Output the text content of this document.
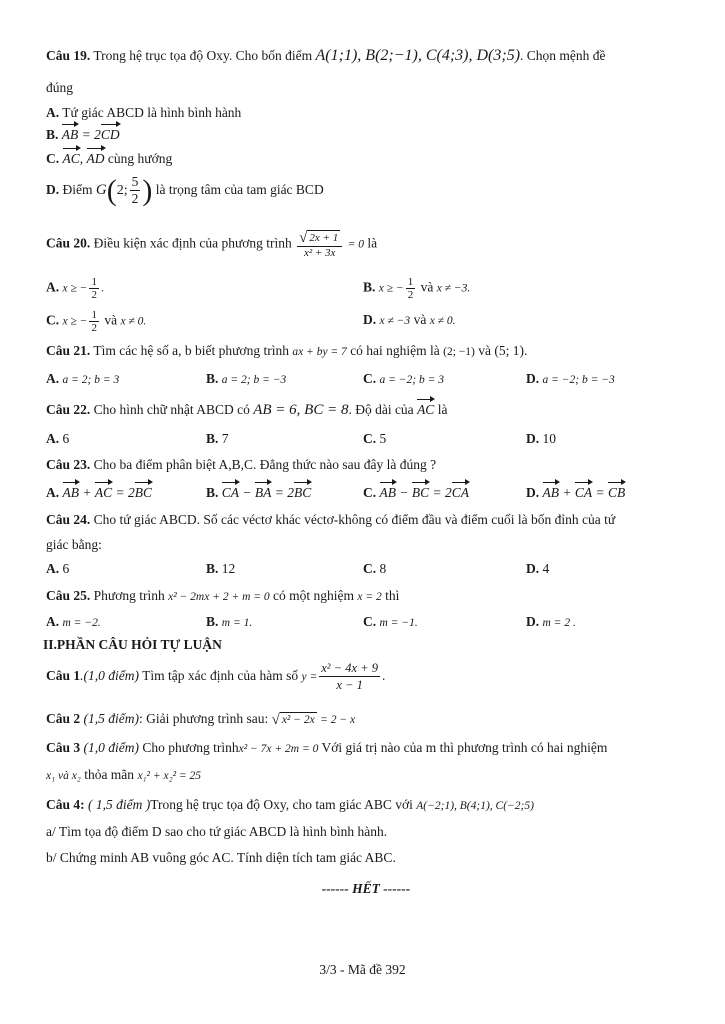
Câu 19. Trong hệ trục tọa độ Oxy. Cho bốn điểm A(1;1), B(2;−1), C(4;3), D(3;5). Chọn mệnh đề
đúng
A. Tứ giác ABCD là hình bình hành
B. AB = 2CD
C. AC, AD cùng hướng
D. Điểm G(2; $\frac{5}{2}$ ) là trọng tâm của tam giác BCD
Câu 20. Điều kiện xác định của phương trình $\frac{√ 2x + 1}{\text{x² + 3x}} = 0$ là
A. x ≥ − $\frac{1}{2}$ .	B. x ≥ − $\frac{1}{2}$ và x ≠ −3.
C. x ≥ − $\frac{1}{2}$ và x ≠ 0.	D. x ≠ −3 và x ≠ 0.
Câu 21. Tìm các hệ số a, b biết phương trình ax + by = 7 có hai nghiệm là (2; −1) và (5; 1).
A. a = 2; b = 3	B. a = 2; b = −3	C. a = −2; b = 3	D. a = −2; b = −3
Câu 22. Cho hình chữ nhật ABCD có AB = 6, BC = 8. Độ dài của AC là
A. 6	B. 7	C. 5	D. 10
Câu 23. Cho ba điểm phân biệt A,B,C. Đẳng thức nào sau đây là đúng ?
A. AB + AC = 2BC	B. CA − BA = 2BC	C. AB − BC = 2CA	D. AB + CA = CB
Câu 24. Cho tứ giác ABCD. Số các véctơ khác véctơ-không có điểm đầu và điểm cuối là bốn đỉnh của tứ
giác bằng:
A. 6	B. 12	C. 8	D. 4
Câu 25. Phương trình x² − 2mx + 2 + m = 0 có một nghiệm x = 2 thì
A. m = −2.	B. m = 1.	C. m = −1.	D. m = 2 .
II.PHẦN CÂU HỎI TỰ LUẬN
Câu 1.(1,0 điểm) Tìm tập xác định của hàm số $y = \frac{\text{x² − 4x + 9}}{x - 1}$ .
Câu 2 (1,5 điểm): Giải phương trình sau: √ x² − 2x = 2 − x
Câu 3 (1,0 điểm) Cho phương trìnhx² − 7x + 2m = 0 Với giá trị nào của m thì phương trình có hai nghiệm
x₁ và x₂ thỏa mãn x₁² + x₂² = 25
Câu 4: ( 1,5 điểm )Trong hệ trục tọa độ Oxy, cho tam giác ABC với A(−2;1), B(4;1), C(−2;5)
a/ Tìm tọa độ điểm D sao cho tứ giác ABCD là hình bình hành.
b/ Chứng minh AB vuông góc AC. Tính diện tích tam giác ABC.
------ HẾT ------
3/3 - Mã đề 392
